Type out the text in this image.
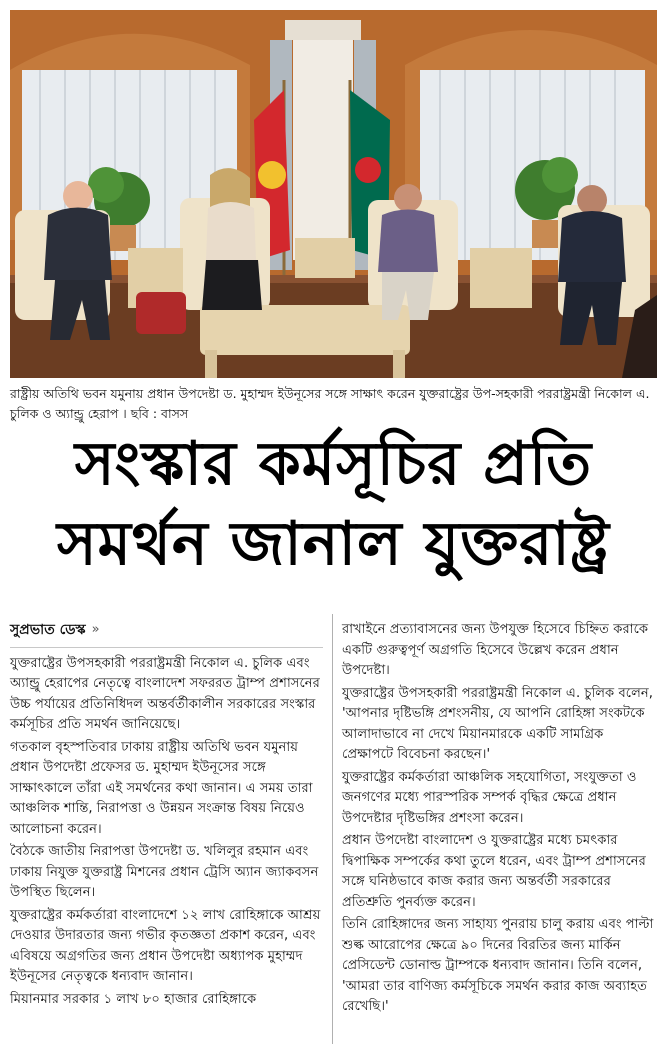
রাষ্ট্রীয় অতিথি ভবন যমুনায় প্রধান উপদেষ্টা ড. মুহাম্মদ ইউনূসের সঙ্গে সাক্ষাৎ করেন যুক্তরাষ্ট্রের উপ-সহকারী পররাষ্ট্রমন্ত্রী নিকোল এ. চুলিক ও অ্যান্ড্রু হেরাপ । ছবি : বাসস
সংস্কার কর্মসূচির প্রতি
সমর্থন জানাল যুক্তরাষ্ট্র
সুপ্রভাত ডেস্ক »

যুক্তরাষ্ট্রের উপসহকারী পররাষ্ট্রমন্ত্রী নিকোল এ. চুলিক এবং অ্যান্ড্রু হেরাপের নেতৃত্বে বাংলাদেশ সফররত ট্রাম্প প্রশাসনের উচ্চ পর্যায়ের প্রতিনিধিদল অন্তর্বর্তীকালীন সরকারের সংস্কার কর্মসূচির প্রতি সমর্থন জানিয়েছে।

গতকাল বৃহস্পতিবার ঢাকায় রাষ্ট্রীয় অতিথি ভবন যমুনায় প্রধান উপদেষ্টা প্রফেসর ড. মুহাম্মদ ইউনূসের সঙ্গে সাক্ষাৎকালে তাঁরা এই সমর্থনের কথা জানান। এ সময় তারা আঞ্চলিক শান্তি, নিরাপত্তা ও উন্নয়ন সংক্রান্ত বিষয় নিয়েও আলোচনা করেন।

বৈঠকে জাতীয় নিরাপত্তা উপদেষ্টা ড. খলিলুর রহমান এবং ঢাকায় নিযুক্ত যুক্তরাষ্ট্র মিশনের প্রধান ট্রেসি অ্যান জ্যাকবসন উপস্থিত ছিলেন।

যুক্তরাষ্ট্রের কর্মকর্তারা বাংলাদেশে ১২ লাখ রোহিঙ্গাকে আশ্রয় দেওয়ার উদারতার জন্য গভীর কৃতজ্ঞতা প্রকাশ করেন, এবং এবিষয়ে অগ্রগতির জন্য প্রধান উপদেষ্টা অধ্যাপক মুহাম্মদ ইউনূসের নেতৃত্বকে ধন্যবাদ জানান।

মিয়ানমার সরকার ১ লাখ ৮০ হাজার রোহিঙ্গাকে

রাখাইনে প্রত্যাবাসনের জন্য উপযুক্ত হিসেবে চিহ্নিত করাকে একটি গুরুত্বপূর্ণ অগ্রগতি হিসেবে উল্লেখ করেন প্রধান উপদেষ্টা।

যুক্তরাষ্ট্রের উপসহকারী পররাষ্ট্রমন্ত্রী নিকোল এ. চুলিক বলেন, 'আপনার দৃষ্টিভঙ্গি প্রশংসনীয়, যে আপনি রোহিঙ্গা সংকটকে আলাদাভাবে না দেখে মিয়ানমারকে একটি সামগ্রিক প্রেক্ষাপটে বিবেচনা করছেন।'

যুক্তরাষ্ট্রের কর্মকর্তারা আঞ্চলিক সহযোগিতা, সংযুক্ততা ও জনগণের মধ্যে পারস্পরিক সম্পর্ক বৃদ্ধির ক্ষেত্রে প্রধান উপদেষ্টার দৃষ্টিভঙ্গির প্রশংসা করেন।

প্রধান উপদেষ্টা বাংলাদেশ ও যুক্তরাষ্ট্রের মধ্যে চমৎকার দ্বিপাক্ষিক সম্পর্কের কথা তুলে ধরেন, এবং ট্রাম্প প্রশাসনের সঙ্গে ঘনিষ্ঠভাবে কাজ করার জন্য অন্তর্বর্তী সরকারের প্রতিশ্রুতি পুনর্ব্যক্ত করেন।

তিনি রোহিঙ্গাদের জন্য সাহায্য পুনরায় চালু করায় এবং পাল্টা শুল্ক আরোপের ক্ষেত্রে ৯০ দিনের বিরতির জন্য মার্কিন প্রেসিডেন্ট ডোনাল্ড ট্রাম্পকে ধন্যবাদ জানান। তিনি বলেন, 'আমরা তার বাণিজ্য কর্মসূচিকে সমর্থন করার কাজ অব্যাহত রেখেছি।'
